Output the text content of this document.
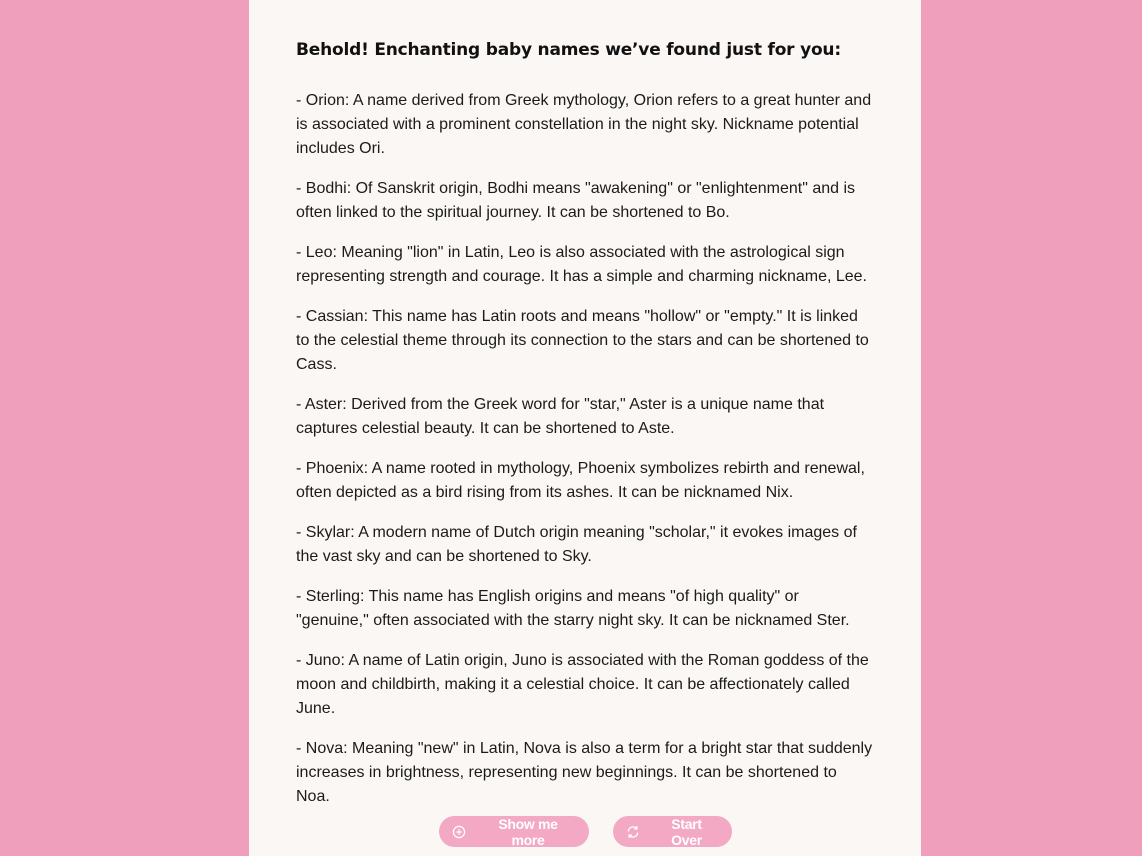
Behold! Enchanting baby names we’ve found just for you:

- Orion: A name derived from Greek mythology, Orion refers to a great hunter and is associated with a prominent constellation in the night sky. Nickname potential includes Ori.

- Bodhi: Of Sanskrit origin, Bodhi means "awakening" or "enlightenment" and is often linked to the spiritual journey. It can be shortened to Bo.

- Leo: Meaning "lion" in Latin, Leo is also associated with the astrological sign representing strength and courage. It has a simple and charming nickname, Lee.

- Cassian: This name has Latin roots and means "hollow" or "empty." It is linked to the celestial theme through its connection to the stars and can be shortened to Cass.

- Aster: Derived from the Greek word for "star," Aster is a unique name that captures celestial beauty. It can be shortened to Aste.

- Phoenix: A name rooted in mythology, Phoenix symbolizes rebirth and renewal, often depicted as a bird rising from its ashes. It can be nicknamed Nix.

- Skylar: A modern name of Dutch origin meaning "scholar," it evokes images of the vast sky and can be shortened to Sky.

- Sterling: This name has English origins and means "of high quality" or "genuine," often associated with the starry night sky. It can be nicknamed Ster.

- Juno: A name of Latin origin, Juno is associated with the Roman goddess of the moon and childbirth, making it a celestial choice. It can be affectionately called June.

- Nova: Meaning "new" in Latin, Nova is also a term for a bright star that suddenly increases in brightness, representing new beginnings. It can be shortened to Noa.

Show me more
Start Over
